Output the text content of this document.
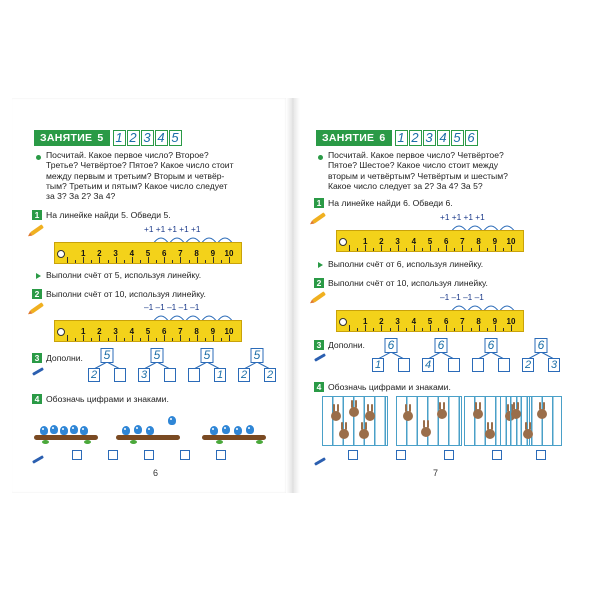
ЗАНЯТИЕ 5 1 2 3 4 5
Посчитай. Какое первое число? Второе?
Третье? Четвёртое? Пятое? Какое число стоит
между первым и третьим? Вторым и четвёр-
тым? Третьим и пятым? Какое число следует
за 3? За 2? За 4?
1 На линейке найди 5. Обведи 5.
+1 +1 +1 +1 +1
1	2	3	4	5	6	7	8	9	10
Выполни счёт от 5, используя линейку.
2 Выполни счёт от 10, используя линейку.
–1 –1 –1 –1 –1
1	2	3	4	5	6	7	8	9	10
3 Дополни. 5
2
5
3
5
1
5
2 2
4 Обозначь цифрами и знаками.
6
ЗАНЯТИЕ 6 1 2 3 4 5 6
Посчитай. Какое первое число? Четвёртое?
Пятое? Шестое? Какое число стоит между
вторым и четвёртым? Четвёртым и шестым?
Какое число следует за 2? За 4? За 5?
1 На линейке найди 6. Обведи 6.
+1 +1 +1 +1
1	2	3	4	5	6	7	8	9	10
Выполни счёт от 6, используя линейку.
2 Выполни счёт от 10, используя линейку.
–1 –1 –1 –1
1	2	3	4	5	6	7	8	9	10
3 Дополни. 6
1
6
4
6	6
2 3
4 Обозначь цифрами и знаками.
7
